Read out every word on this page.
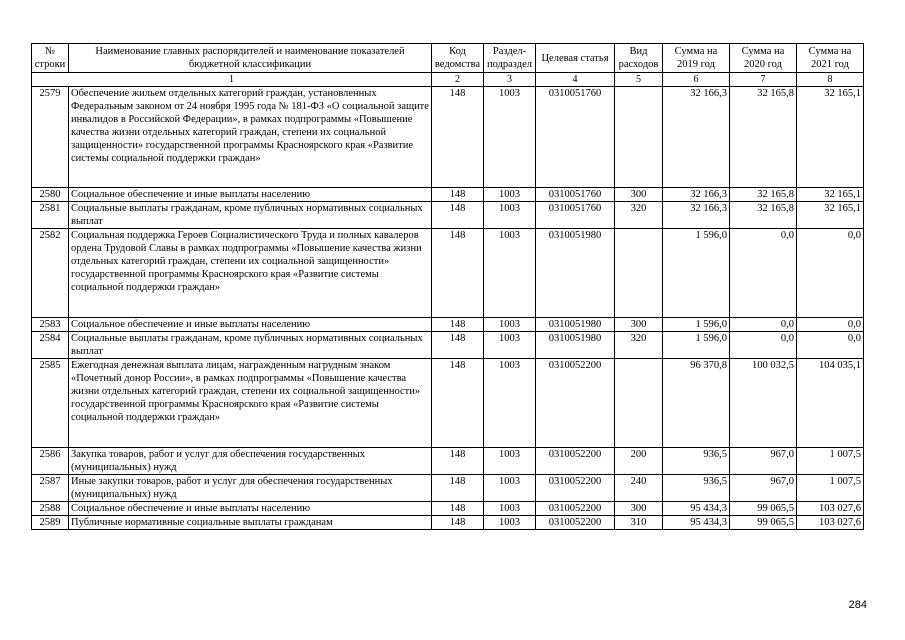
№ строки	Наименование главных распорядителей и наименование показателей бюджетной классификации	Код ведомства	Раздел-подраздел	Целевая статья	Вид расходов	Сумма на 2019 год	Сумма на 2020 год	Сумма на 2021 год
1		2	3	4	5	6	7	8
2579	Обеспечение жильем отдельных категорий граждан, установленных Федеральным законом от 24 ноября 1995 года № 181-ФЗ «О социальной защите инвалидов в Российской Федерации», в рамках подпрограммы «Повышение качества жизни отдельных категорий граждан, степени их социальной защищенности» государственной программы Красноярского края «Развитие системы социальной поддержки граждан»	148	1003	0310051760		32 166,3	32 165,8	32 165,1
2580	Социальное обеспечение и иные выплаты населению	148	1003	0310051760	300	32 166,3	32 165,8	32 165,1
2581	Социальные выплаты гражданам, кроме публичных нормативных социальных выплат	148	1003	0310051760	320	32 166,3	32 165,8	32 165,1
2582	Социальная поддержка Героев Социалистического Труда и полных кавалеров ордена Трудовой Славы в рамках подпрограммы «Повышение качества жизни отдельных категорий граждан, степени их социальной защищенности» государственной программы Красноярского края «Развитие системы социальной поддержки граждан»	148	1003	0310051980		1 596,0	0,0	0,0
2583	Социальное обеспечение и иные выплаты населению	148	1003	0310051980	300	1 596,0	0,0	0,0
2584	Социальные выплаты гражданам, кроме публичных нормативных социальных выплат	148	1003	0310051980	320	1 596,0	0,0	0,0
2585	Ежегодная денежная выплата лицам, награжденным нагрудным знаком «Почетный донор России», в рамках подпрограммы «Повышение качества жизни отдельных категорий граждан, степени их социальной защищенности» государственной программы Красноярского края «Развитие системы социальной поддержки граждан»	148	1003	0310052200		96 370,8	100 032,5	104 035,1
2586	Закупка товаров, работ и услуг для обеспечения государственных (муниципальных) нужд	148	1003	0310052200	200	936,5	967,0	1 007,5
2587	Иные закупки товаров, работ и услуг для обеспечения государственных (муниципальных) нужд	148	1003	0310052200	240	936,5	967,0	1 007,5
2588	Социальное обеспечение и иные выплаты населению	148	1003	0310052200	300	95 434,3	99 065,5	103 027,6
2589	Публичные нормативные социальные выплаты гражданам	148	1003	0310052200	310	95 434,3	99 065,5	103 027,6
284
